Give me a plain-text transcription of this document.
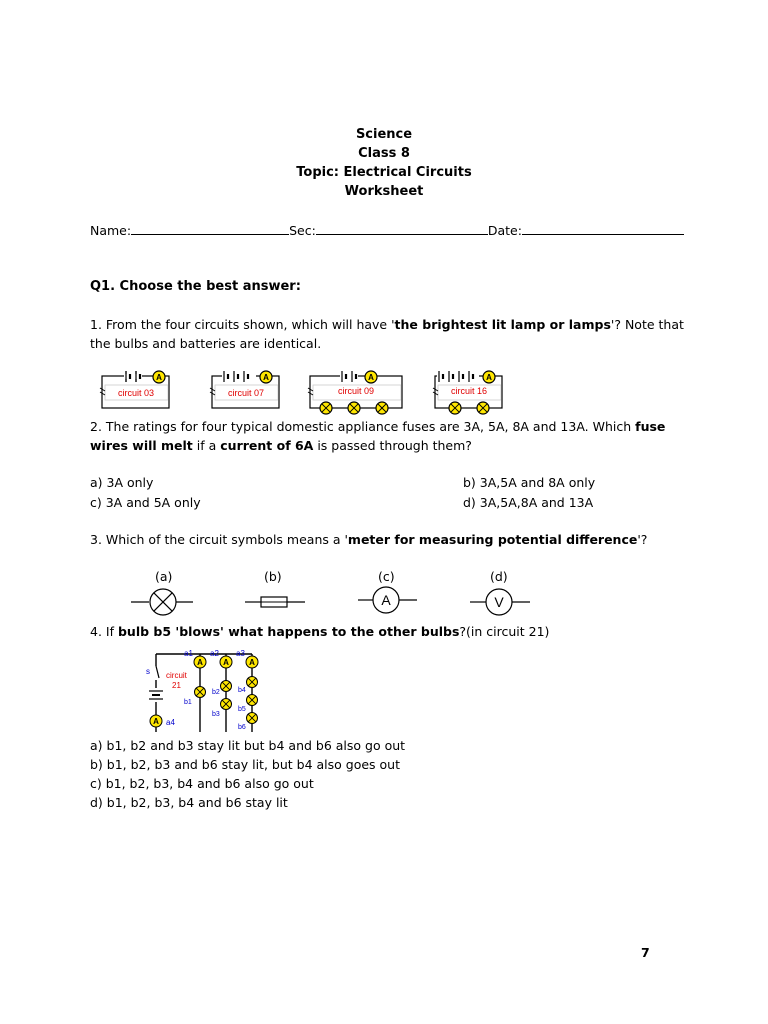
Science
Class 8
Topic: Electrical Circuits
Worksheet
Name:	Sec:	Date:
Q1. Choose the best answer:
1. From the four circuits shown, which will have 'the brightest lit lamp or lamps'? Note that
the bulbs and batteries are identical.
A
circuit 03	circuit 07	circuit 09	circuit 16
2. The ratings for four typical domestic appliance fuses are 3A, 5A, 8A and 13A. Which fuse
wires will melt if a current of 6A is passed through them?
a) 3A only	b) 3A,5A and 8A only
c) 3A and 5A only	d) 3A,5A,8A and 13A
3. Which of the circuit symbols means a 'meter for measuring potential difference'?
(a)	(b)	(c)	(d)
A	V
4. If bulb b5 'blows' what happens to the other bulbs?(in circuit 21)
A
s
a1 a2 a3
a4
b1
b2
b3
b4
b5
b6
circuit
21
a) b1, b2 and b3 stay lit but b4 and b6 also go out
b) b1, b2, b3 and b6 stay lit, but b4 also goes out
c) b1, b2, b3, b4 and b6 also go out
d) b1, b2, b3, b4 and b6 stay lit
7
